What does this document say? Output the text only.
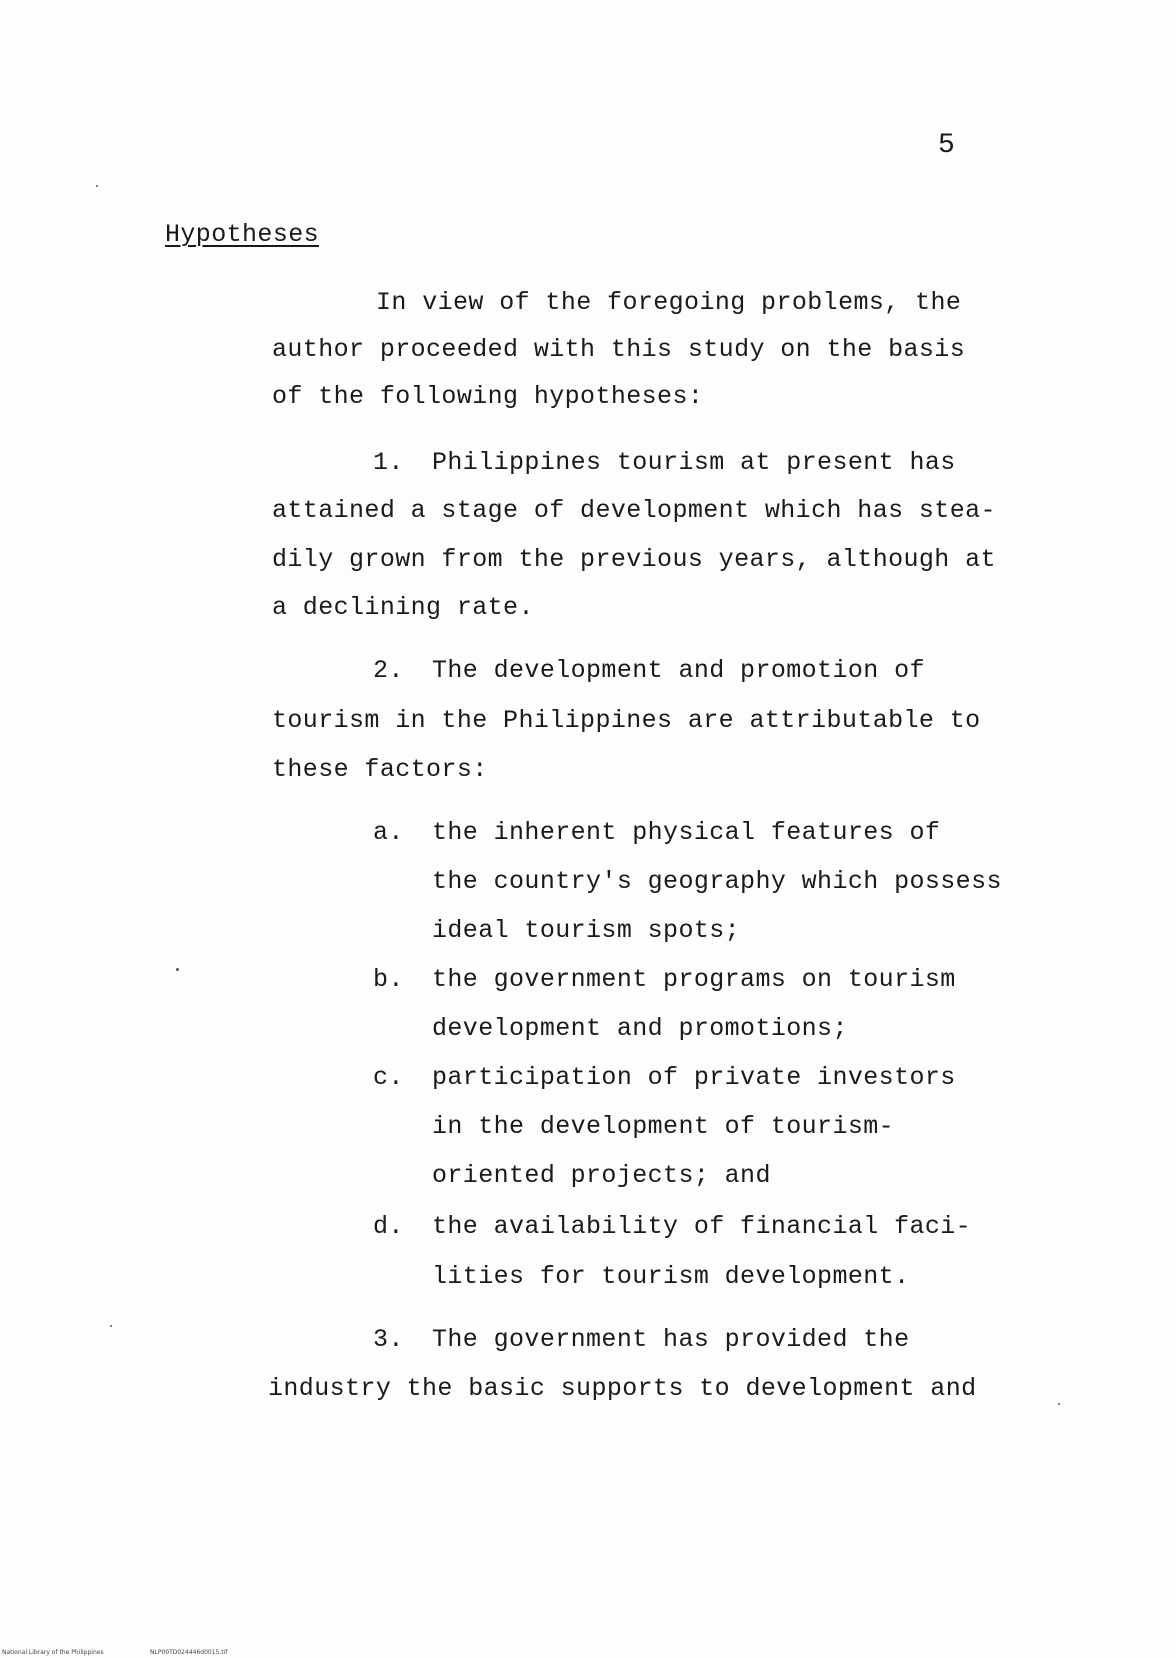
5
Hypotheses
In view of the foregoing problems, the
author proceeded with this study on the basis
of the following hypotheses:
1. Philippines tourism at present has
attained a stage of development which has stea-
dily grown from the previous years, although at
a declining rate.
2. The development and promotion of
tourism in the Philippines are attributable to
these factors:
a. the inherent physical features of
the country's geography which possess
ideal tourism spots;
b. the government programs on tourism
development and promotions;
c. participation of private investors
in the development of tourism-
oriented projects; and
d. the availability of financial faci-
lities for tourism development.
3. The government has provided the
industry the basic supports to development and
National Library of the Philippines	NLP00TD024446d0015.tif
